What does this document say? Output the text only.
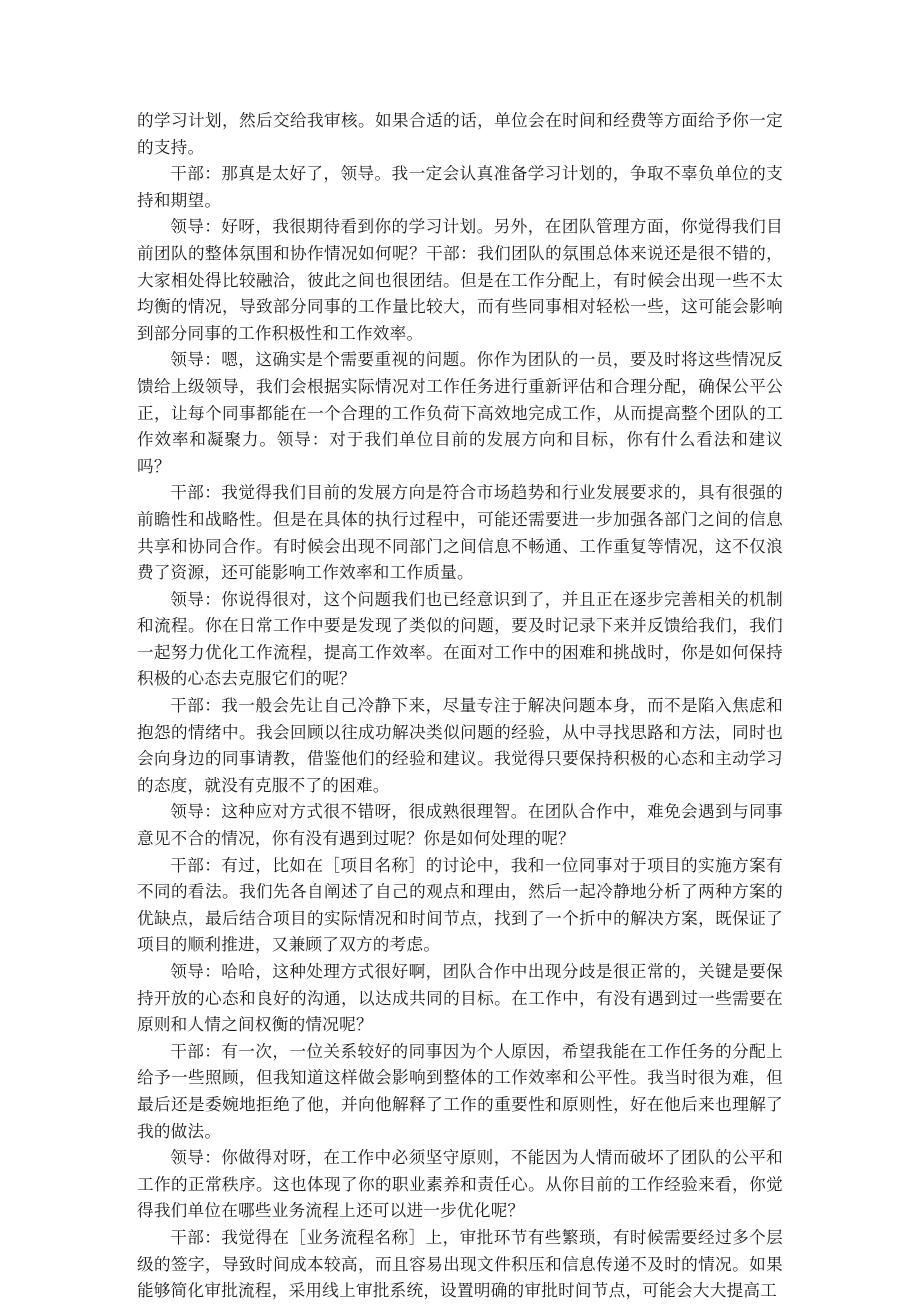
的学习计划，然后交给我审核。如果合适的话，单位会在时间和经费等方面给予你一定的支持。

干部：那真是太好了，领导。我一定会认真准备学习计划的，争取不辜负单位的支持和期望。

领导：好呀，我很期待看到你的学习计划。另外，在团队管理方面，你觉得我们目前团队的整体氛围和协作情况如何呢？干部：我们团队的氛围总体来说还是很不错的，大家相处得比较融洽，彼此之间也很团结。但是在工作分配上，有时候会出现一些不太均衡的情况，导致部分同事的工作量比较大，而有些同事相对轻松一些，这可能会影响到部分同事的工作积极性和工作效率。

领导：嗯，这确实是个需要重视的问题。你作为团队的一员，要及时将这些情况反馈给上级领导，我们会根据实际情况对工作任务进行重新评估和合理分配，确保公平公正，让每个同事都能在一个合理的工作负荷下高效地完成工作，从而提高整个团队的工作效率和凝聚力。领导：对于我们单位目前的发展方向和目标，你有什么看法和建议吗？

干部：我觉得我们目前的发展方向是符合市场趋势和行业发展要求的，具有很强的前瞻性和战略性。但是在具体的执行过程中，可能还需要进一步加强各部门之间的信息共享和协同合作。有时候会出现不同部门之间信息不畅通、工作重复等情况，这不仅浪费了资源，还可能影响工作效率和工作质量。

领导：你说得很对，这个问题我们也已经意识到了，并且正在逐步完善相关的机制和流程。你在日常工作中要是发现了类似的问题，要及时记录下来并反馈给我们，我们一起努力优化工作流程，提高工作效率。在面对工作中的困难和挑战时，你是如何保持积极的心态去克服它们的呢？

干部：我一般会先让自己冷静下来，尽量专注于解决问题本身，而不是陷入焦虑和抱怨的情绪中。我会回顾以往成功解决类似问题的经验，从中寻找思路和方法，同时也会向身边的同事请教，借鉴他们的经验和建议。我觉得只要保持积极的心态和主动学习的态度，就没有克服不了的困难。

领导：这种应对方式很不错呀，很成熟很理智。在团队合作中，难免会遇到与同事意见不合的情况，你有没有遇到过呢？你是如何处理的呢？

干部：有过，比如在［项目名称］的讨论中，我和一位同事对于项目的实施方案有不同的看法。我们先各自阐述了自己的观点和理由，然后一起冷静地分析了两种方案的优缺点，最后结合项目的实际情况和时间节点，找到了一个折中的解决方案，既保证了项目的顺利推进，又兼顾了双方的考虑。

领导：哈哈，这种处理方式很好啊，团队合作中出现分歧是很正常的，关键是要保持开放的心态和良好的沟通，以达成共同的目标。在工作中，有没有遇到过一些需要在原则和人情之间权衡的情况呢？

干部：有一次，一位关系较好的同事因为个人原因，希望我能在工作任务的分配上给予一些照顾，但我知道这样做会影响到整体的工作效率和公平性。我当时很为难，但最后还是委婉地拒绝了他，并向他解释了工作的重要性和原则性，好在他后来也理解了我的做法。

领导：你做得对呀，在工作中必须坚守原则，不能因为人情而破坏了团队的公平和工作的正常秩序。这也体现了你的职业素养和责任心。从你目前的工作经验来看，你觉得我们单位在哪些业务流程上还可以进一步优化呢？

干部：我觉得在［业务流程名称］上，审批环节有些繁琐，有时候需要经过多个层级的签字，导致时间成本较高，而且容易出现文件积压和信息传递不及时的情况。如果能够简化审批流程，采用线上审批系统，设置明确的审批时间节点，可能会大大提高工
